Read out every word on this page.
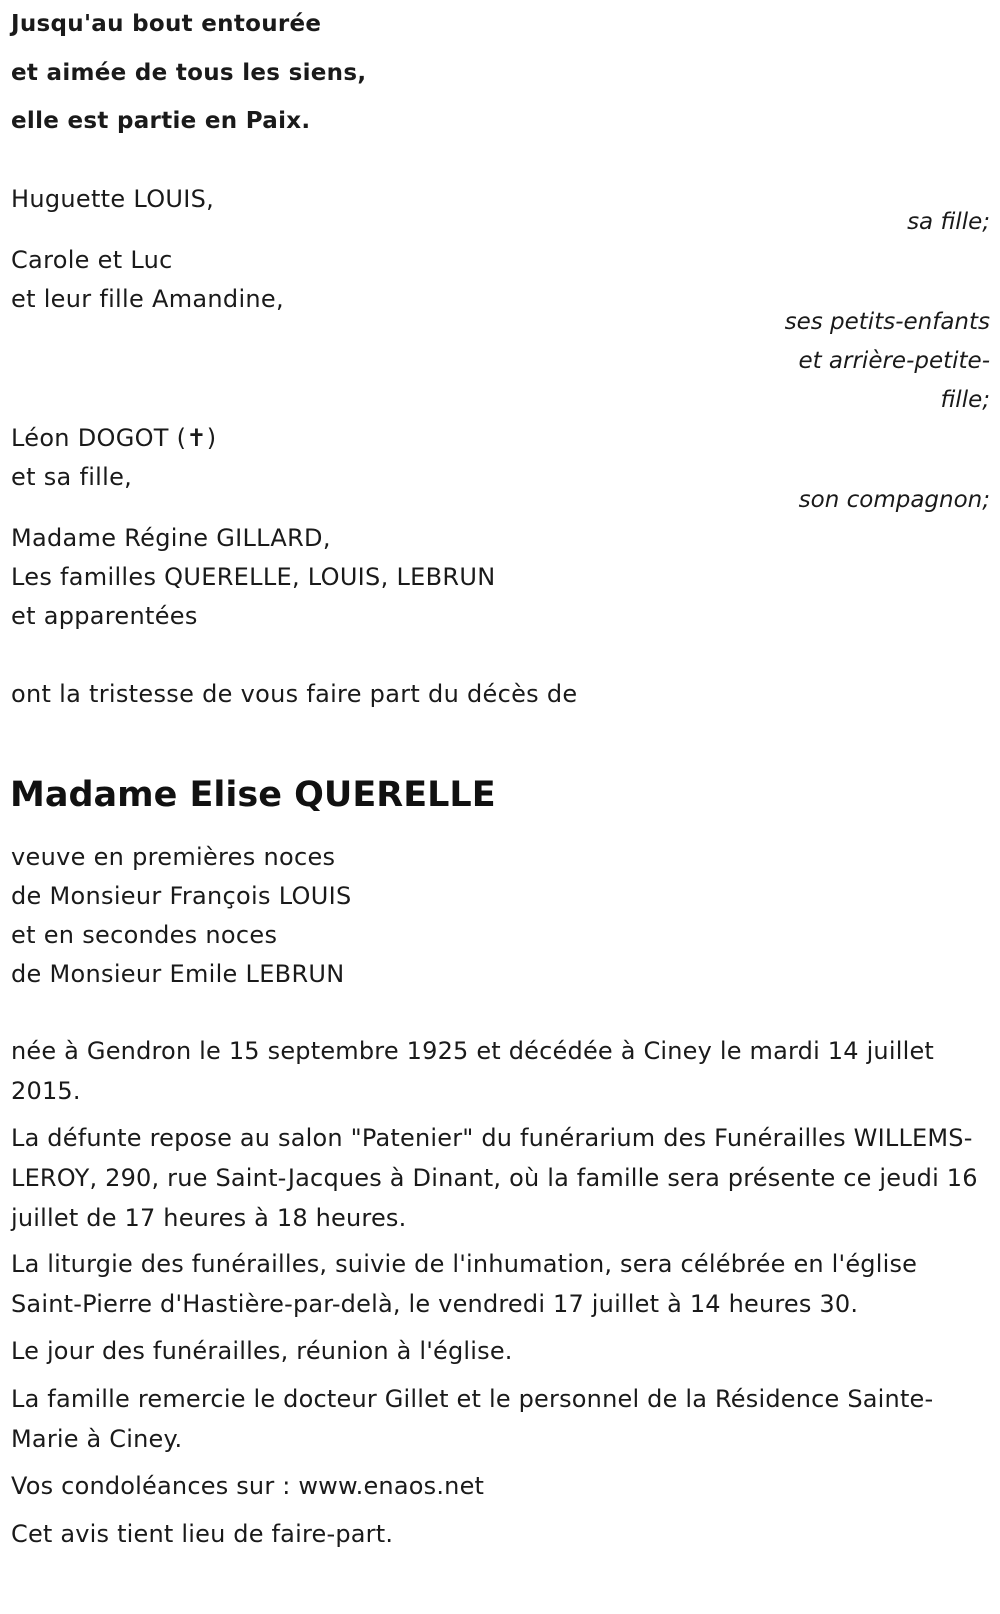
Jusqu'au bout entourée
et aimée de tous les siens,
elle est partie en Paix.
Huguette LOUIS,
sa fille;
Carole et Luc
et leur fille Amandine,
ses petits-enfants
et arrière-petite-
fille;
Léon DOGOT (✝)
et sa fille,
son compagnon;
Madame Régine GILLARD,
Les familles QUERELLE, LOUIS, LEBRUN
et apparentées
ont la tristesse de vous faire part du décès de
Madame Elise QUERELLE
veuve en premières noces
de Monsieur François LOUIS
et en secondes noces
de Monsieur Emile LEBRUN
née à Gendron le 15 septembre 1925 et décédée à Ciney le mardi 14 juillet 2015.
La défunte repose au salon "Patenier" du funérarium des Funérailles WILLEMS-LEROY, 290, rue Saint-Jacques à Dinant, où la famille sera présente ce jeudi 16 juillet de 17 heures à 18 heures.
La liturgie des funérailles, suivie de l'inhumation, sera célébrée en l'église Saint-Pierre d'Hastière-par-delà, le vendredi 17 juillet à 14 heures 30.
Le jour des funérailles, réunion à l'église.
La famille remercie le docteur Gillet et le personnel de la Résidence Sainte-Marie à Ciney.
Vos condoléances sur : www.enaos.net
Cet avis tient lieu de faire-part.
